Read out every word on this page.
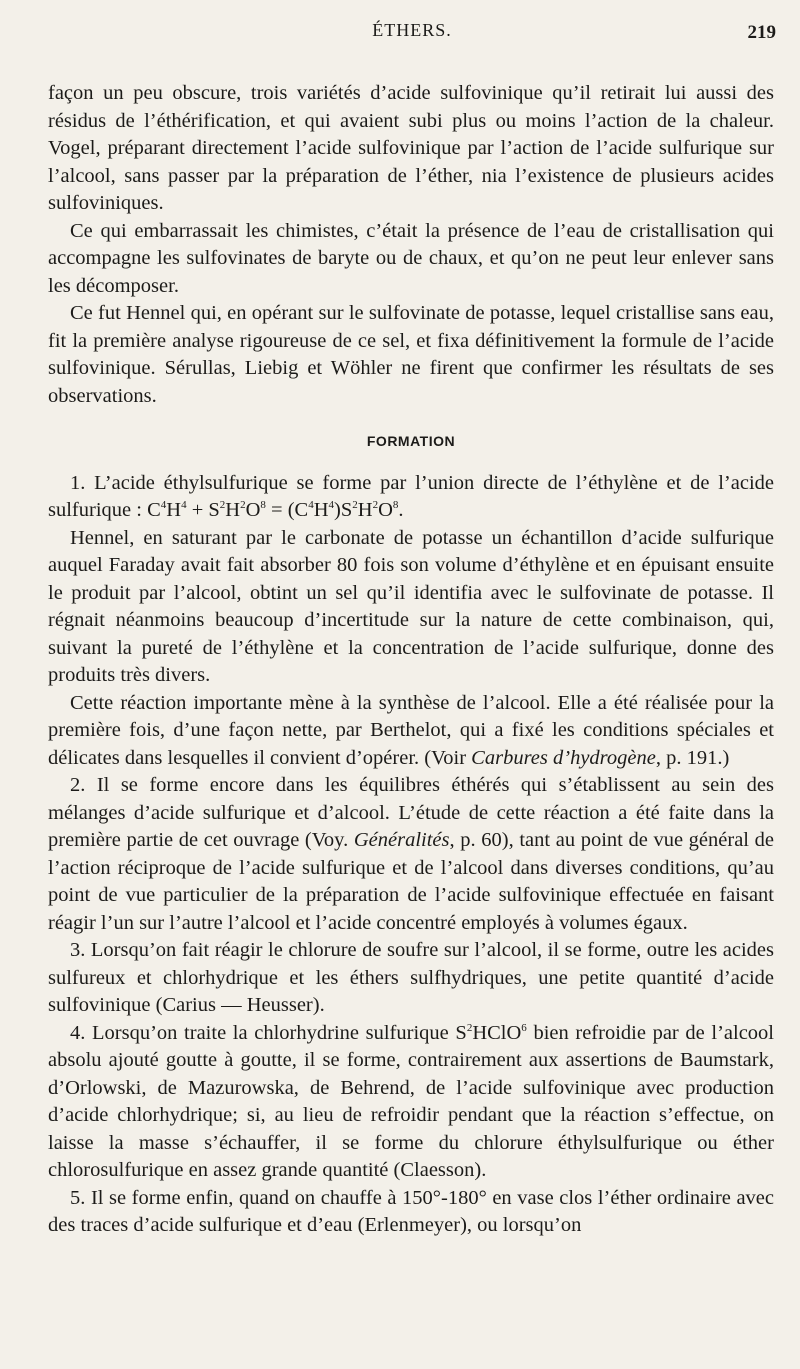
ÉTHERS.	219

façon un peu obscure, trois variétés d’acide sulfovinique qu’il retirait lui aussi des résidus de l’éthérification, et qui avaient subi plus ou moins l’action de la chaleur. Vogel, préparant directement l’acide sulfovinique par l’action de l’acide sulfurique sur l’alcool, sans passer par la préparation de l’éther, nia l’existence de plusieurs acides sulfoviniques.

Ce qui embarrassait les chimistes, c’était la présence de l’eau de cristallisation qui accompagne les sulfovinates de baryte ou de chaux, et qu’on ne peut leur enlever sans les décomposer.

Ce fut Hennel qui, en opérant sur le sulfovinate de potasse, lequel cristallise sans eau, fit la première analyse rigoureuse de ce sel, et fixa définitivement la formule de l’acide sulfovinique. Sérullas, Liebig et Wöhler ne firent que confirmer les résultats de ses observations.

FORMATION

1. L’acide éthylsulfurique se forme par l’union directe de l’éthylène et de l’acide sulfurique : $C^4H^4 + S^2H^2O^8 = (C^4H^4)S^2H^2O^8$.

Hennel, en saturant par le carbonate de potasse un échantillon d’acide sulfurique auquel Faraday avait fait absorber 80 fois son volume d’éthylène et en épuisant ensuite le produit par l’alcool, obtint un sel qu’il identifia avec le sulfovinate de potasse. Il régnait néanmoins beaucoup d’incertitude sur la nature de cette combinaison, qui, suivant la pureté de l’éthylène et la concentration de l’acide sulfurique, donne des produits très divers.

Cette réaction importante mène à la synthèse de l’alcool. Elle a été réalisée pour la première fois, d’une façon nette, par Berthelot, qui a fixé les conditions spéciales et délicates dans lesquelles il convient d’opérer. (Voir Carbures d’hydrogène, p. 191.)

2. Il se forme encore dans les équilibres éthérés qui s’établissent au sein des mélanges d’acide sulfurique et d’alcool. L’étude de cette réaction a été faite dans la première partie de cet ouvrage (Voy. Généralités, p. 60), tant au point de vue général de l’action réciproque de l’acide sulfurique et de l’alcool dans diverses conditions, qu’au point de vue particulier de la préparation de l’acide sulfovinique effectuée en faisant réagir l’un sur l’autre l’alcool et l’acide concentré employés à volumes égaux.

3. Lorsqu’on fait réagir le chlorure de soufre sur l’alcool, il se forme, outre les acides sulfureux et chlorhydrique et les éthers sulfhydriques, une petite quantité d’acide sulfovinique (Carius — Heusser).

4. Lorsqu’on traite la chlorhydrine sulfurique $S^2HClO^6$ bien refroidie par de l’alcool absolu ajouté goutte à goutte, il se forme, contrairement aux assertions de Baumstark, d’Orlowski, de Mazurowska, de Behrend, de l’acide sulfovinique avec production d’acide chlorhydrique; si, au lieu de refroidir pendant que la réaction s’effectue, on laisse la masse s’échauffer, il se forme du chlorure éthylsulfurique ou éther chlorosulfurique en assez grande quantité (Claesson).

5. Il se forme enfin, quand on chauffe à 150°-180° en vase clos l’éther ordinaire avec des traces d’acide sulfurique et d’eau (Erlenmeyer), ou lorsqu’on
